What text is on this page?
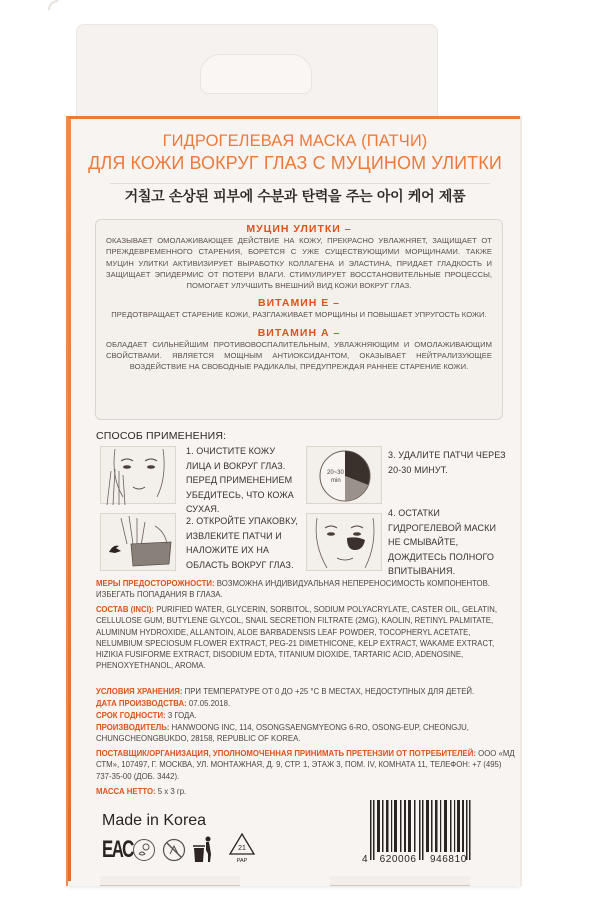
ГИДРОГЕЛЕВАЯ МАСКА (ПАТЧИ)
ДЛЯ КОЖИ ВОКРУГ ГЛАЗ С МУЦИНОМ УЛИТКИ
거칠고 손상된 피부에 수분과 탄력을 주는 아이 케어 제품
МУЦИН УЛИТКИ –
ОКАЗЫВАЕТ ОМОЛАЖИВАЮЩЕЕ ДЕЙСТВИЕ НА КОЖУ, ПРЕКРАСНО УВЛАЖНЯЕТ, ЗАЩИЩАЕТ ОТ ПРЕЖДЕВРЕМЕННОГО СТАРЕНИЯ, БОРЕТСЯ С УЖЕ СУЩЕСТВУЮЩИМИ МОРЩИНАМИ. ТАКЖЕ МУЦИН УЛИТКИ АКТИВИЗИРУЕТ ВЫРАБОТКУ КОЛЛАГЕНА И ЭЛАСТИНА, ПРИДАЕТ ГЛАДКОСТЬ И ЗАЩИЩАЕТ ЭПИДЕРМИС ОТ ПОТЕРИ ВЛАГИ. СТИМУЛИРУЕТ ВОССТАНОВИТЕЛЬНЫЕ ПРОЦЕССЫ, ПОМОГАЕТ УЛУЧШИТЬ ВНЕШНИЙ ВИД КОЖИ ВОКРУГ ГЛАЗ.
ВИТАМИН Е –
ПРЕДОТВРАЩАЕТ СТАРЕНИЕ КОЖИ, РАЗГЛАЖИВАЕТ МОРЩИНЫ И ПОВЫШАЕТ УПРУГОСТЬ КОЖИ.
ВИТАМИН А –
ОБЛАДАЕТ СИЛЬНЕЙШИМ ПРОТИВОВОСПАЛИТЕЛЬНЫМ, УВЛАЖНЯЮЩИМ И ОМОЛАЖИВАЮЩИМ СВОЙСТВАМИ. ЯВЛЯЕТСЯ МОЩНЫМ АНТИОКСИДАНТОМ, ОКАЗЫВАЕТ НЕЙТРАЛИЗУЮЩЕЕ ВОЗДЕЙСТВИЕ НА СВОБОДНЫЕ РАДИКАЛЫ, ПРЕДУПРЕЖДАЯ РАННЕЕ СТАРЕНИЕ КОЖИ.
СПОСОБ ПРИМЕНЕНИЯ:
1. ОЧИСТИТЕ КОЖУ ЛИЦА И ВОКРУГ ГЛАЗ. ПЕРЕД ПРИМЕНЕНИЕМ УБЕДИТЕСЬ, ЧТО КОЖА СУХАЯ.
2. ОТКРОЙТЕ УПАКОВКУ, ИЗВЛЕКИТЕ ПАТЧИ И НАЛОЖИТЕ ИХ НА ОБЛАСТЬ ВОКРУГ ГЛАЗ.
20~30
min
3. УДАЛИТЕ ПАТЧИ ЧЕРЕЗ 20-30 МИНУТ.
4. ОСТАТКИ ГИДРОГЕЛЕВОЙ МАСКИ НЕ СМЫВАЙТЕ, ДОЖДИТЕСЬ ПОЛНОГО ВПИТЫВАНИЯ.
МЕРЫ ПРЕДОСТОРОЖНОСТИ: ВОЗМОЖНА ИНДИВИДУАЛЬНАЯ НЕПЕРЕНОСИМОСТЬ КОМПОНЕНТОВ. ИЗБЕГАТЬ ПОПАДАНИЯ В ГЛАЗА.
СОСТАВ (INCI): PURIFIED WATER, GLYCERIN, SORBITOL, SODIUM POLYACRYLATE, CASTER OIL, GELATIN, CELLULOSE GUM, BUTYLENE GLYCOL, SNAIL SECRETION FILTRATE (2MG), KAOLIN, RETINYL PALMITATE, ALUMINUM HYDROXIDE, ALLANTOIN, ALOE BARBADENSIS LEAF POWDER, TOCOPHERYL ACETATE, NELUMBIUM SPECIOSUM FLOWER EXTRACT, PEG-21 DIMETHICONE, KELP EXTRACT, WAKAME EXTRACT, HIZIKIA FUSIFORME EXTRACT, DISODIUM EDTA, TITANIUM DIOXIDE, TARTARIC ACID, ADENOSINE, PHENOXYETHANOL, AROMA.
УСЛОВИЯ ХРАНЕНИЯ: ПРИ ТЕМПЕРАТУРЕ ОТ 0 ДО +25 °С В МЕСТАХ, НЕДОСТУПНЫХ ДЛЯ ДЕТЕЙ.
ДАТА ПРОИЗВОДСТВА: 07.05.2018.
СРОК ГОДНОСТИ: 3 ГОДА.
ПРОИЗВОДИТЕЛЬ: HANWOONG INC, 114, OSONGSAENGMYEONG 6-RO, OSONG-EUP, CHEONGJU, CHUNGCHEONGBUKDO, 28158, REPUBLIC OF KOREA.
ПОСТАВЩИК/ОРГАНИЗАЦИЯ, УПОЛНОМОЧЕННАЯ ПРИНИМАТЬ ПРЕТЕНЗИИ ОТ ПОТРЕБИТЕЛЕЙ: ООО «МД СТМ», 107497, Г. МОСКВА, УЛ. МОНТАЖНАЯ, Д. 9, СТР. 1, ЭТАЖ 3, ПОМ. IV, КОМНАТА 11, ТЕЛЕФОН: +7 (495) 737-35-00 (ДОБ. 3442).
МАССА НЕТТО: 5 х 3 гр.
Made in Korea
ЕАС	21
PAP	4 620006 946810
